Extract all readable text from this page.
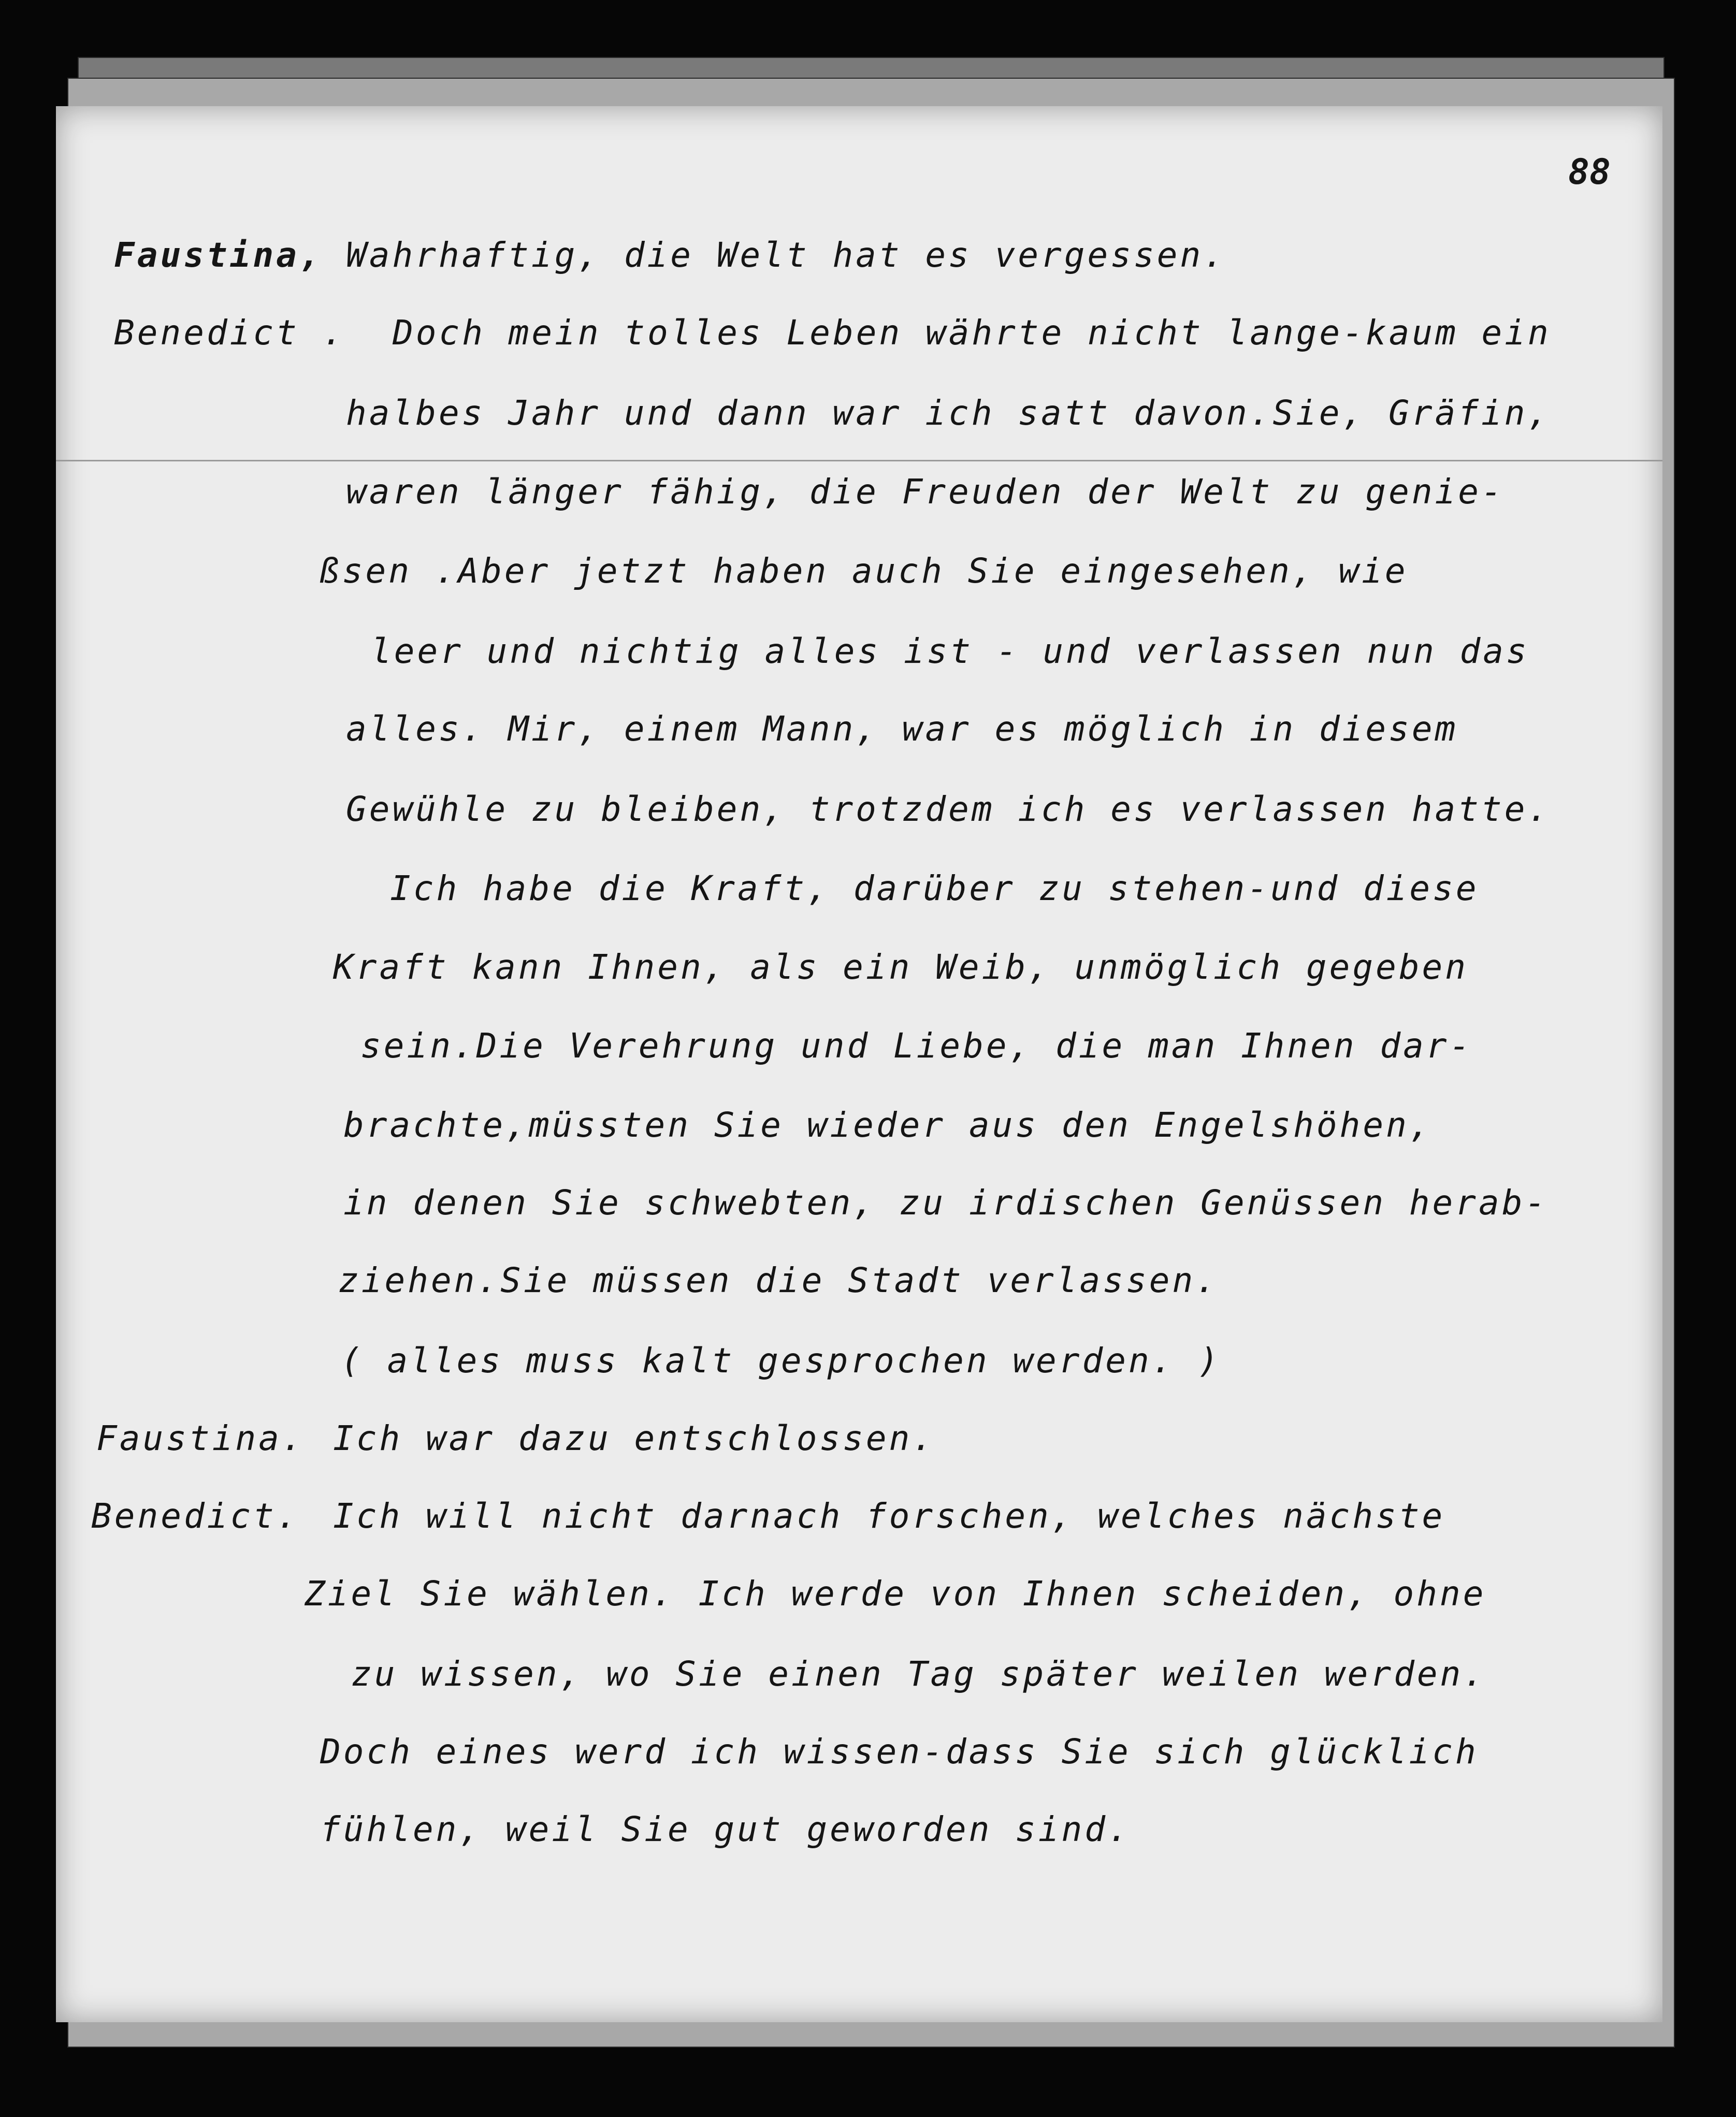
88
Faustina, Wahrhaftig, die Welt hat es vergessen.
Benedict . Doch mein tolles Leben währte nicht lange-kaum ein
halbes Jahr und dann war ich satt davon.Sie, Gräfin,
waren länger fähig, die Freuden der Welt zu genie-
ßsen .Aber jetzt haben auch Sie eingesehen, wie
leer und nichtig alles ist - und verlassen nun das
alles. Mir, einem Mann, war es möglich in diesem
Gewühle zu bleiben, trotzdem ich es verlassen hatte.
Ich habe die Kraft, darüber zu stehen-und diese
Kraft kann Ihnen, als ein Weib, unmöglich gegeben
sein.Die Verehrung und Liebe, die man Ihnen dar-
brachte,müssten Sie wieder aus den Engelshöhen,
in denen Sie schwebten, zu irdischen Genüssen herab-
ziehen.Sie müssen die Stadt verlassen.
( alles muss kalt gesprochen werden. )
Faustina. Ich war dazu entschlossen.
Benedict. Ich will nicht darnach forschen, welches nächste
Ziel Sie wählen. Ich werde von Ihnen scheiden, ohne
zu wissen, wo Sie einen Tag später weilen werden.
Doch eines werd ich wissen-dass Sie sich glücklich
fühlen, weil Sie gut geworden sind.
